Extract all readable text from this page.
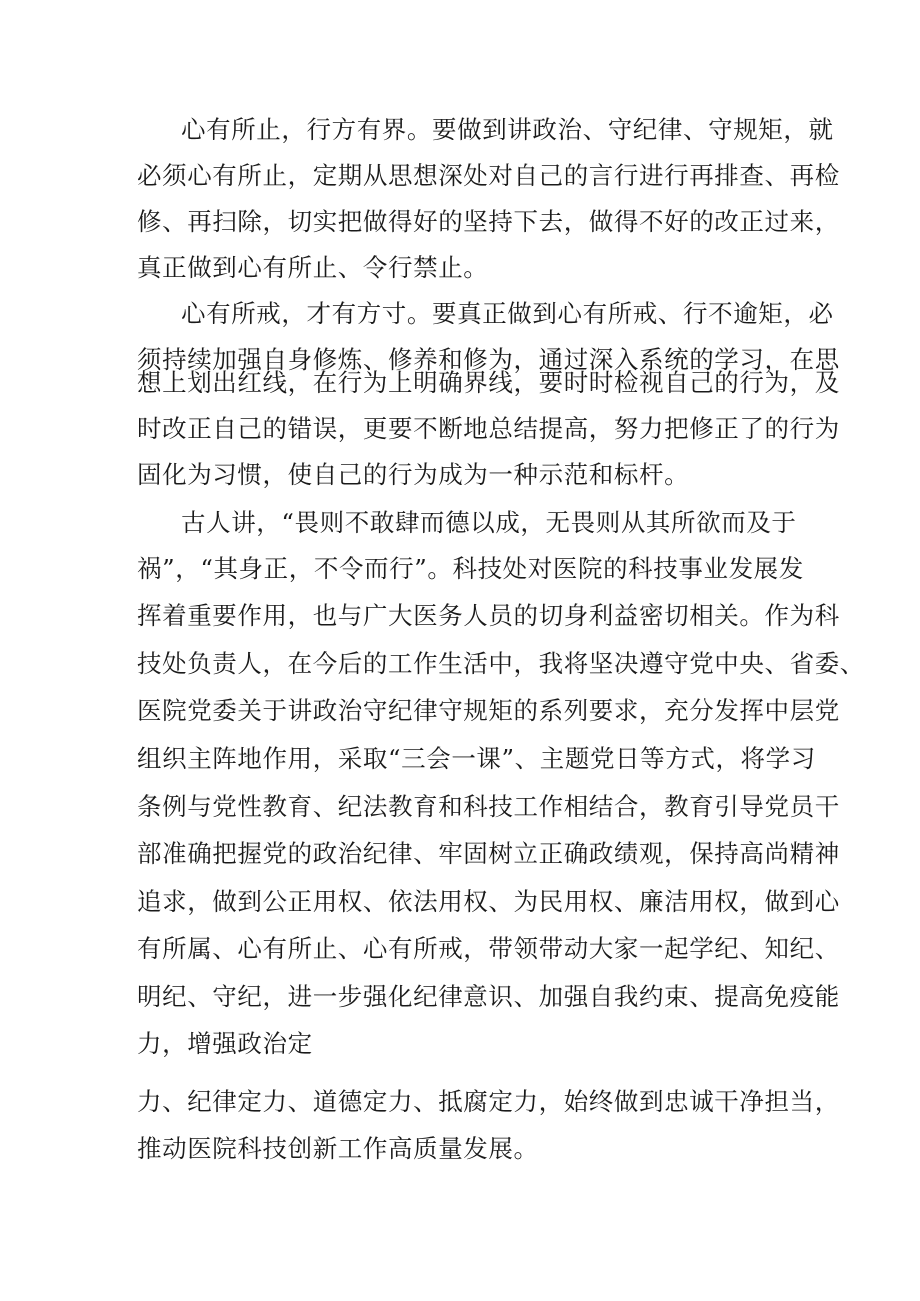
心有所止，行方有界。要做到讲政治、守纪律、守规矩，就
必须心有所止，定期从思想深处对自己的言行进行再排查、再检
修、再扫除，切实把做得好的坚持下去，做得不好的改正过来，
真正做到心有所止、令行禁止。
心有所戒，才有方寸。要真正做到心有所戒、行不逾矩，必
须持续加强自身修炼、修养和修为，通过深入系统的学习，在思
想上划出红线，在行为上明确界线，要时时检视自己的行为，及
时改正自己的错误，更要不断地总结提高，努力把修正了的行为
固化为习惯，使自己的行为成为一种示范和标杆。
古人讲，“畏则不敢肆而德以成，无畏则从其所欲而及于
祸”，“其身正，不令而行”。科技处对医院的科技事业发展发
挥着重要作用，也与广大医务人员的切身利益密切相关。作为科
技处负责人，在今后的工作生活中，我将坚决遵守党中央、省委、
医院党委关于讲政治守纪律守规矩的系列要求，充分发挥中层党
组织主阵地作用，采取“三会一课”、主题党日等方式，将学习
条例与党性教育、纪法教育和科技工作相结合，教育引导党员干
部准确把握党的政治纪律、牢固树立正确政绩观，保持高尚精神
追求，做到公正用权、依法用权、为民用权、廉洁用权，做到心
有所属、心有所止、心有所戒，带领带动大家一起学纪、知纪、
明纪、守纪，进一步强化纪律意识、加强自我约束、提高免疫能
力，增强政治定
力、纪律定力、道德定力、抵腐定力，始终做到忠诚干净担当，
推动医院科技创新工作高质量发展。
